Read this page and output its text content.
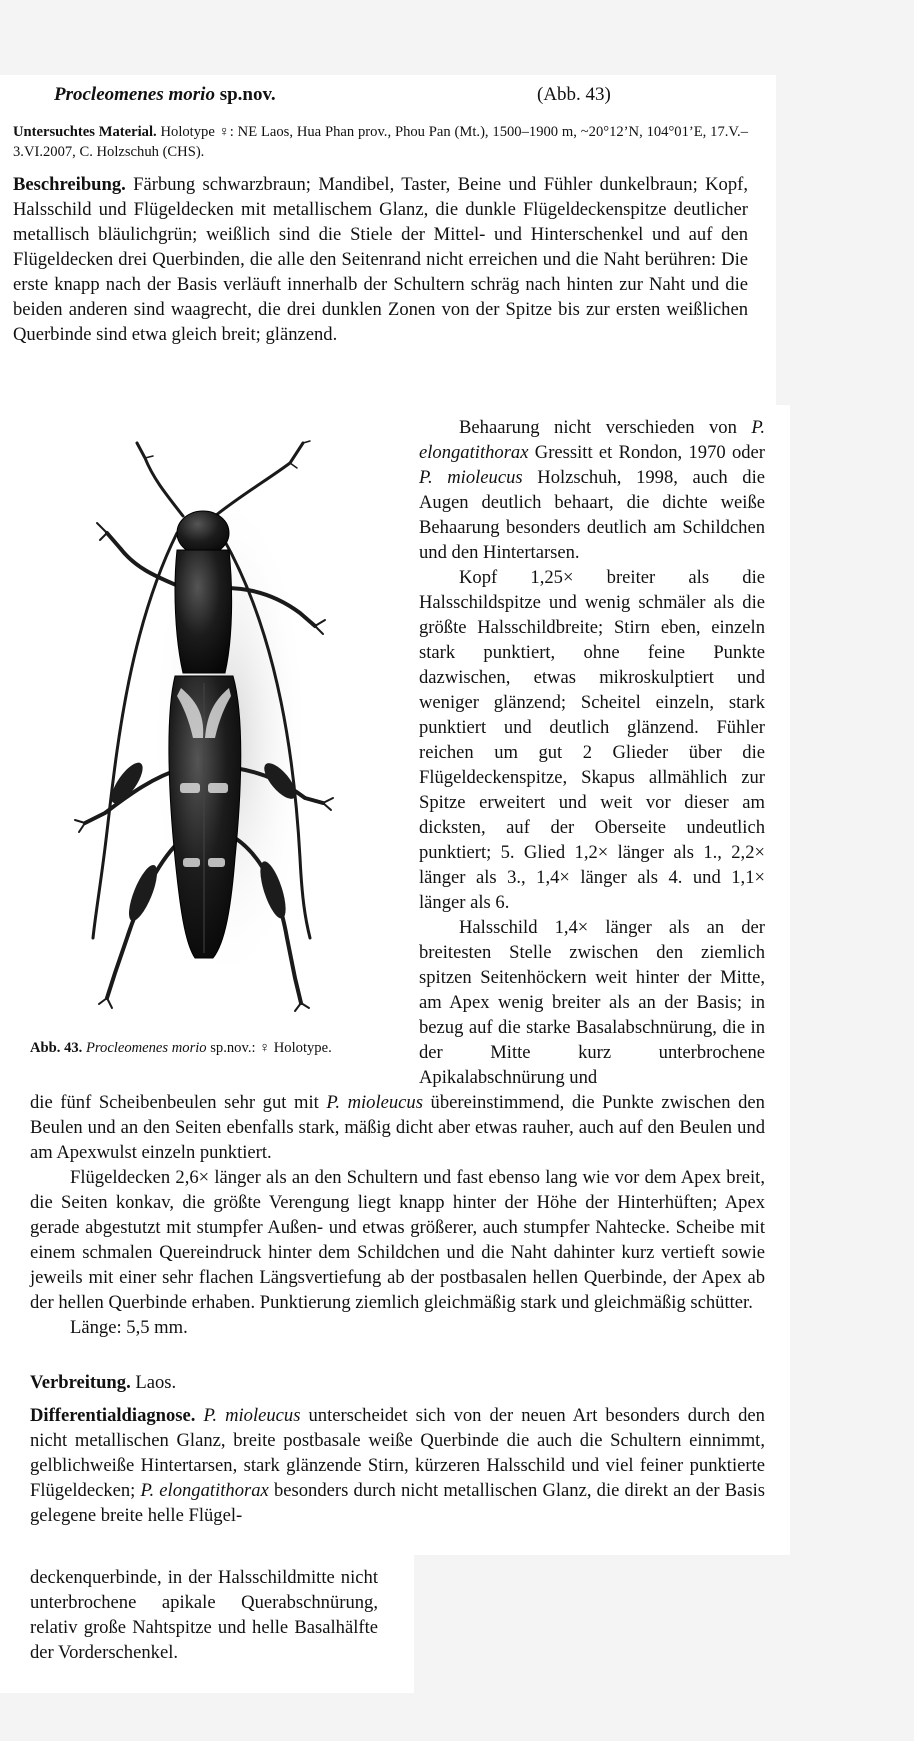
Procleomenes morio sp.nov.	(Abb. 43)

Untersuchtes Material. Holotype ♀: NE Laos, Hua Phan prov., Phou Pan (Mt.), 1500–1900 m, ~20°12’N, 104°01’E, 17.V.–3.VI.2007, C. Holzschuh (CHS).

Beschreibung. Färbung schwarzbraun; Mandibel, Taster, Beine und Fühler dunkelbraun; Kopf, Halsschild und Flügeldecken mit metallischem Glanz, die dunkle Flügeldeckenspitze deutlicher metallisch bläulichgrün; weißlich sind die Stiele der Mittel- und Hinterschenkel und auf den Flügeldecken drei Querbinden, die alle den Seitenrand nicht erreichen und die Naht berühren: Die erste knapp nach der Basis verläuft innerhalb der Schultern schräg nach hinten zur Naht und die beiden anderen sind waagrecht, die drei dunklen Zonen von der Spitze bis zur ersten weißlichen Querbinde sind etwa gleich breit; glänzend.

Abb. 43. Procleomenes morio sp.nov.: ♀ Holotype.

Behaarung nicht verschieden von P. elongatithorax Gressitt et Rondon, 1970 oder P. mioleucus Holzschuh, 1998, auch die Augen deutlich behaart, die dichte weiße Behaarung besonders deutlich am Schildchen und den Hintertarsen.

Kopf 1,25× breiter als die Halsschildspitze und wenig schmäler als die größte Halsschildbreite; Stirn eben, einzeln stark punktiert, ohne feine Punkte dazwischen, etwas mikroskulptiert und weniger glänzend; Scheitel einzeln, stark punktiert und deutlich glänzend. Fühler reichen um gut 2 Glieder über die Flügeldeckenspitze, Skapus allmählich zur Spitze erweitert und weit vor dieser am dicksten, auf der Oberseite undeutlich punktiert; 5. Glied 1,2× länger als 1., 2,2× länger als 3., 1,4× länger als 4. und 1,1× länger als 6.

Halsschild 1,4× länger als an der breitesten Stelle zwischen den ziemlich spitzen Seitenhöckern weit hinter der Mitte, am Apex wenig breiter als an der Basis; in bezug auf die starke Basalabschnürung, die in der Mitte kurz unterbrochene Apikalabschnürung und

die fünf Scheibenbeulen sehr gut mit P. mioleucus übereinstimmend, die Punkte zwischen den Beulen und an den Seiten ebenfalls stark, mäßig dicht aber etwas rauher, auch auf den Beulen und am Apexwulst einzeln punktiert.

Flügeldecken 2,6× länger als an den Schultern und fast ebenso lang wie vor dem Apex breit, die Seiten konkav, die größte Verengung liegt knapp hinter der Höhe der Hinterhüften; Apex gerade abgestutzt mit stumpfer Außen- und etwas größerer, auch stumpfer Nahtecke. Scheibe mit einem schmalen Quereindruck hinter dem Schildchen und die Naht dahinter kurz vertieft sowie jeweils mit einer sehr flachen Längsvertiefung ab der postbasalen hellen Querbinde, der Apex ab der hellen Querbinde erhaben. Punktierung ziemlich gleichmäßig stark und gleichmäßig schütter.

Länge: 5,5 mm.

Verbreitung. Laos.

Differentialdiagnose. P. mioleucus unterscheidet sich von der neuen Art besonders durch den nicht metallischen Glanz, breite postbasale weiße Querbinde die auch die Schultern einnimmt, gelblichweiße Hintertarsen, stark glänzende Stirn, kürzeren Halsschild und viel feiner punktierte Flügeldecken; P. elongatithorax besonders durch nicht metallischen Glanz, die direkt an der Basis gelegene breite helle Flügel-

deckenquerbinde, in der Halsschildmitte nicht unterbrochene apikale Querabschnürung, relativ große Nahtspitze und helle Basalhälfte der Vorderschenkel.
